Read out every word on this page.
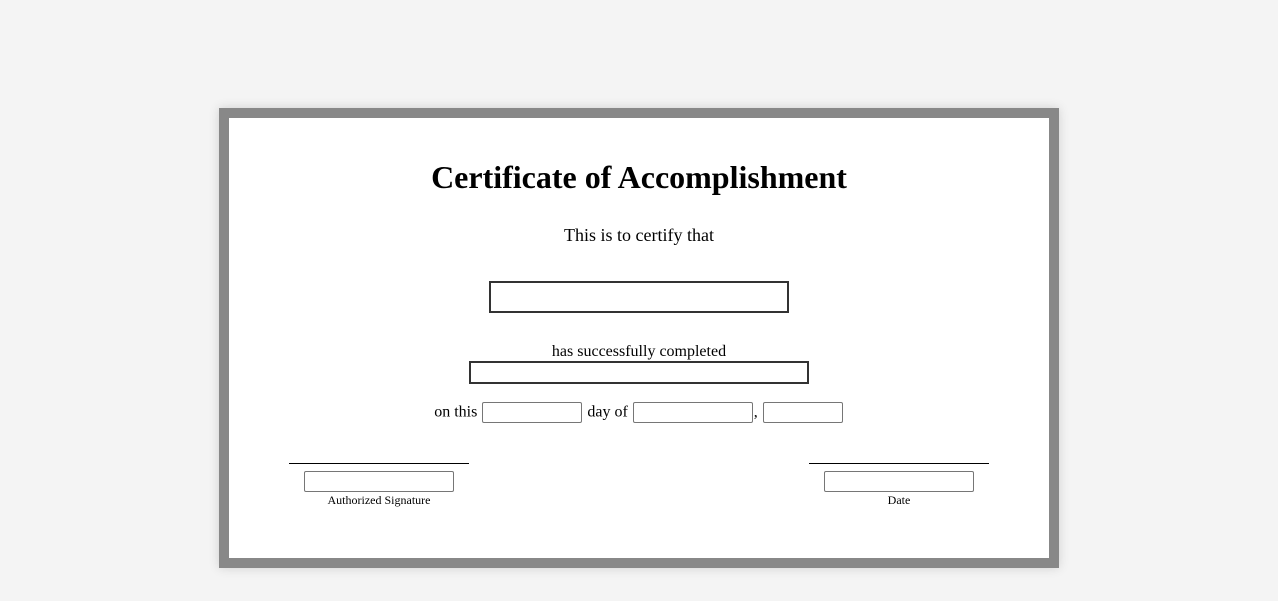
Certificate of Accomplishment
This is to certify that
has successfully completed
on this	day of	,
Authorized Signature	Date
